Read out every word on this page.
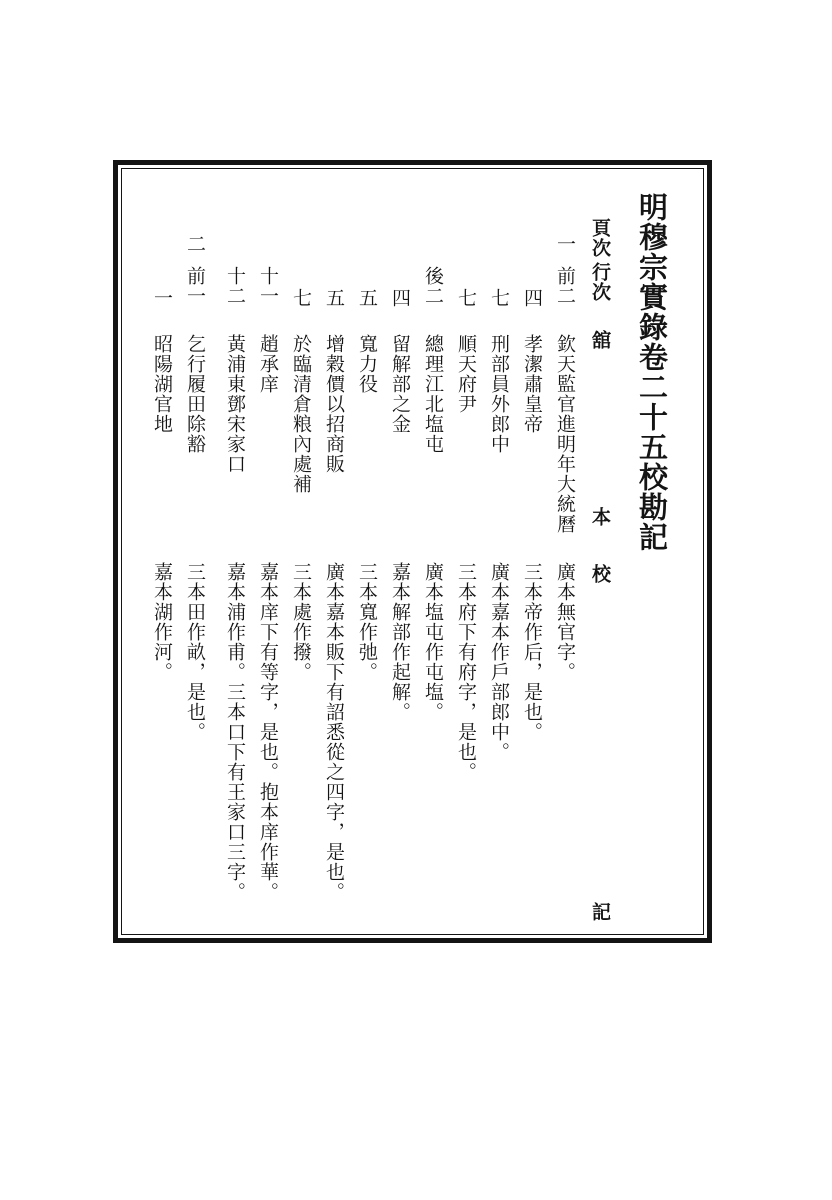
明穆宗實錄卷二十五校勘記
頁次
行次
舘
本
校
記
一
前二
欽天監官進明年大統曆
廣本無官字。
四
孝潔肅皇帝
三本帝作后，是也。
七
刑部員外郎中
廣本嘉本作戶部郎中。
七
順天府尹
三本府下有府字，是也。
後二
總理江北塩屯
廣本塩屯作屯塩。
四
留解部之金
嘉本解部作起解。
五
寬力役
三本寬作弛。
五
增穀價以招商販
廣本嘉本販下有詔悉從之四字，是也。
七
於臨清倉粮內處補
三本處作撥。
十一
趙承庠
嘉本庠下有等字，是也。抱本庠作華。
十二
黃浦東鄧宋家口
嘉本浦作甫。三本口下有王家口三字。
二
前一
乞行履田除豁
三本田作畝，是也。
一
昭陽湖官地
嘉本湖作河。
